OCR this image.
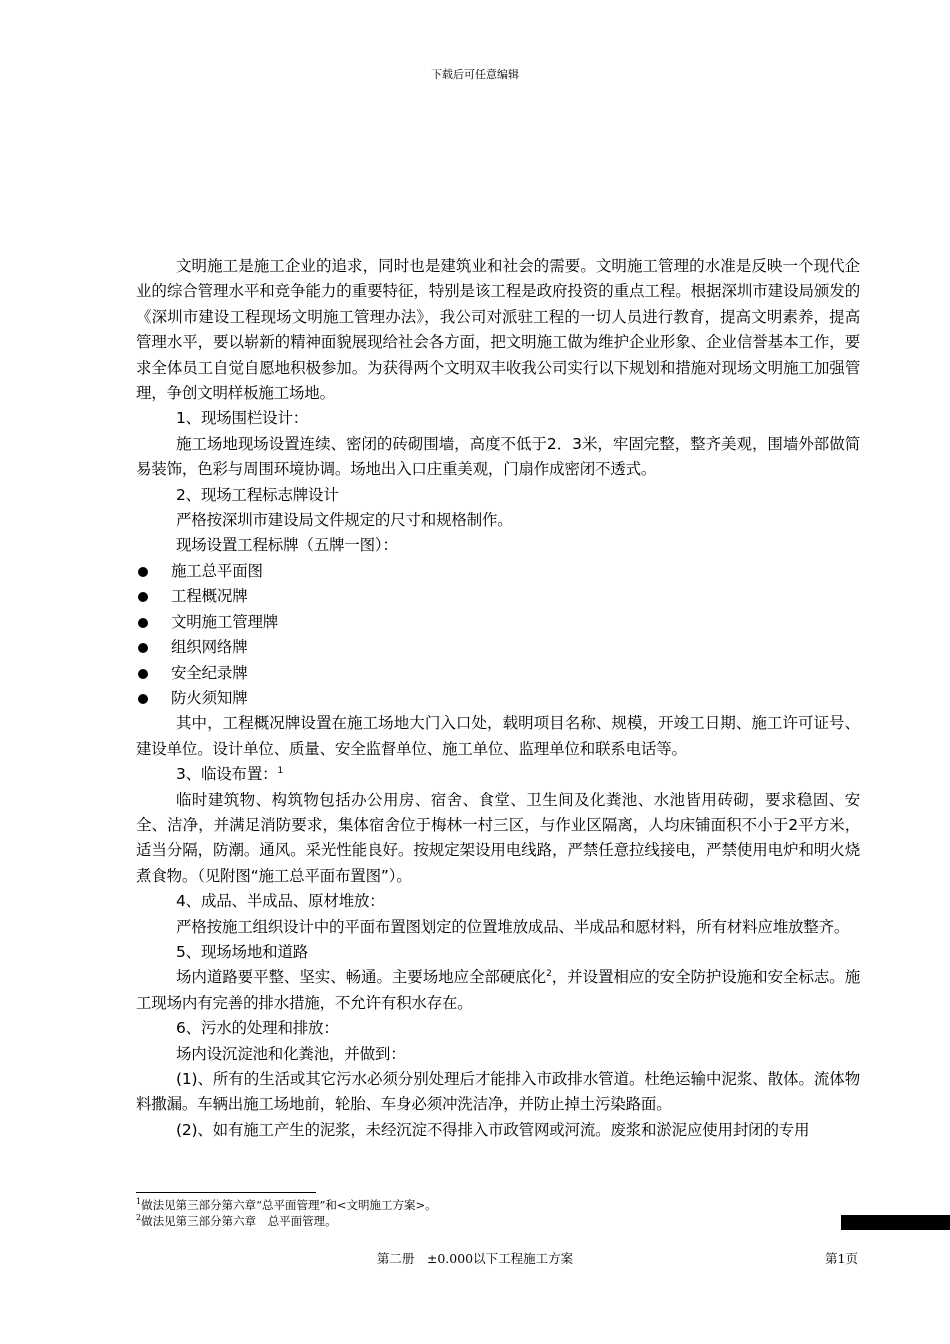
下载后可任意编辑

文明施工是施工企业的追求，同时也是建筑业和社会的需要。文明施工管理的水准是反映一个现代企业的综合管理水平和竞争能力的重要特征，特别是该工程是政府投资的重点工程。根据深圳市建设局颁发的《深圳市建设工程现场文明施工管理办法》，我公司对派驻工程的一切人员进行教育，提高文明素养，提高管理水平，要以崭新的精神面貌展现给社会各方面，把文明施工做为维护企业形象、企业信誉基本工作，要求全体员工自觉自愿地积极参加。为获得两个文明双丰收我公司实行以下规划和措施对现场文明施工加强管理，争创文明样板施工场地。

1、现场围栏设计：

施工场地现场设置连续、密闭的砖砌围墙，高度不低于2．3米，牢固完整，整齐美观，围墙外部做简易装饰，色彩与周围环境协调。场地出入口庄重美观，门扇作成密闭不透式。

2、现场工程标志牌设计

严格按深圳市建设局文件规定的尺寸和规格制作。

现场设置工程标牌（五牌一图）：

施工总平面图

工程概况牌

文明施工管理牌

组织网络牌

安全纪录牌

防火须知牌

其中，工程概况牌设置在施工场地大门入口处，载明项目名称、规模，开竣工日期、施工许可证号、建设单位。设计单位、质量、安全监督单位、施工单位、监理单位和联系电话等。

3、临设布置：$^1$

临时建筑物、构筑物包括办公用房、宿舍、食堂、卫生间及化粪池、水池皆用砖砌，要求稳固、安全、洁净，并满足消防要求，集体宿舍位于梅林一村三区，与作业区隔离，人均床铺面积不小于2平方米，适当分隔，防潮。通风。采光性能良好。按规定架设用电线路，严禁任意拉线接电，严禁使用电炉和明火烧煮食物。（见附图“施工总平面布置图”）。

4、成品、半成品、原材堆放：

严格按施工组织设计中的平面布置图划定的位置堆放成品、半成品和愿材料，所有材料应堆放整齐。

5、现场场地和道路

场内道路要平整、坚实、畅通。主要场地应全部硬底化$^2$，并设置相应的安全防护设施和安全标志。施工现场内有完善的排水措施，不允许有积水存在。

6、污水的处理和排放：

场内设沉淀池和化粪池，并做到：

(1)、所有的生活或其它污水必须分别处理后才能排入市政排水管道。杜绝运输中泥浆、散体。流体物料撒漏。车辆出施工场地前，轮胎、车身必须冲洗洁净，并防止掉土污染路面。

(2)、如有施工产生的泥浆，未经沉淀不得排入市政管网或河流。废浆和淤泥应使用封闭的专用

$^1$做法见第三部分第六章“总平面管理”和<文明施工方案>。
$^2$做法见第三部分第六章　总平面管理。
第二册　±0.000以下工程施工方案	第1页
